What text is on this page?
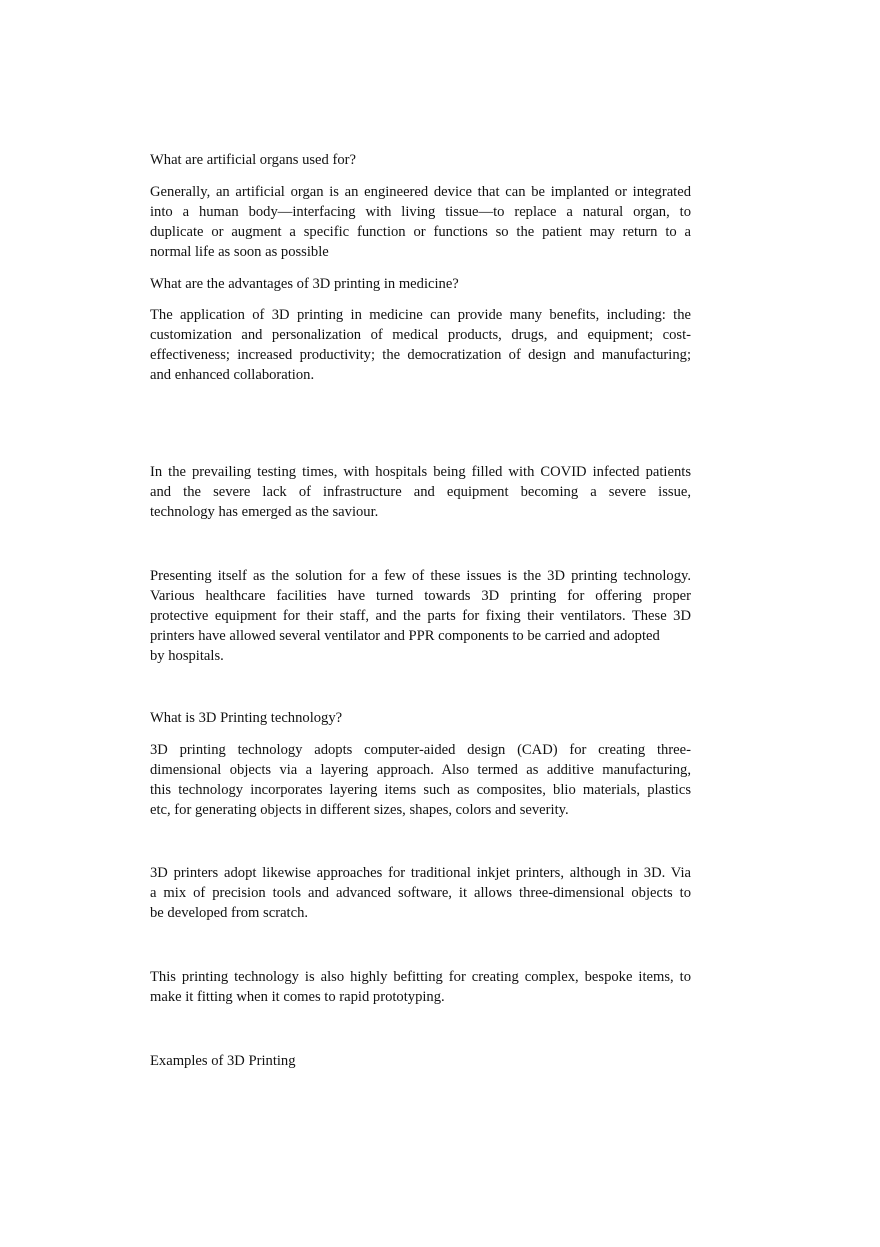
What are artificial organs used for?

Generally, an artificial organ is an engineered device that can be implanted or integrated
into a human body—interfacing with living tissue—to replace a natural organ, to
duplicate or augment a specific function or functions so the patient may return to a
normal life as soon as possible

What are the advantages of 3D printing in medicine?

The application of 3D printing in medicine can provide many benefits, including: the
customization and personalization of medical products, drugs, and equipment; cost-
effectiveness; increased productivity; the democratization of design and manufacturing;
and enhanced collaboration.

In the prevailing testing times, with hospitals being filled with COVID infected patients
and the severe lack of infrastructure and equipment becoming a severe issue,
technology has emerged as the saviour.

Presenting itself as the solution for a few of these issues is the 3D printing technology.
Various healthcare facilities have turned towards 3D printing for offering proper
protective equipment for their staff, and the parts for fixing their ventilators. These 3D
printers have allowed several ventilator and PPR components to be carried and adopted
by hospitals.

What is 3D Printing technology?

3D printing technology adopts computer-aided design (CAD) for creating three-
dimensional objects via a layering approach. Also termed as additive manufacturing,
this technology incorporates layering items such as composites, blio materials, plastics
etc, for generating objects in different sizes, shapes, colors and severity.

3D printers adopt likewise approaches for traditional inkjet printers, although in 3D. Via
a mix of precision tools and advanced software, it allows three-dimensional objects to
be developed from scratch.

This printing technology is also highly befitting for creating complex, bespoke items, to
make it fitting when it comes to rapid prototyping.

Examples of 3D Printing
